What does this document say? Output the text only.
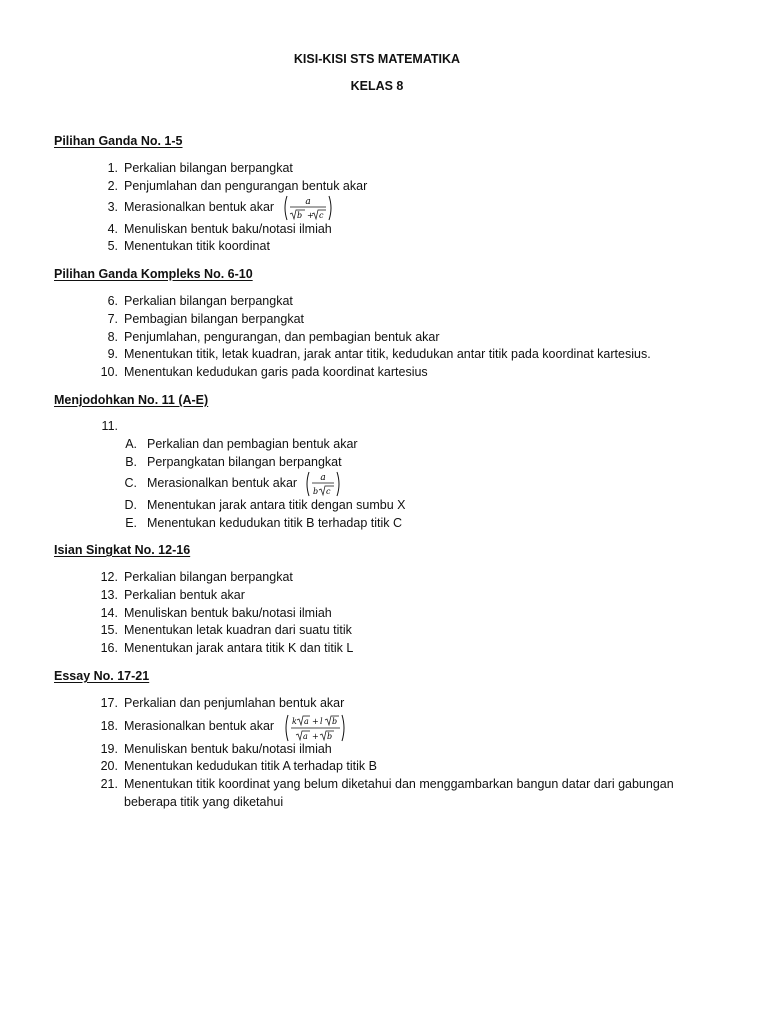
KISI-KISI STS MATEMATIKA
KELAS 8
Pilihan Ganda No. 1-5
1. Perkalian bilangan berpangkat
2. Penjumlahan dan pengurangan bentuk akar
3. Merasionalkan bentuk akar	a
b + c
4. Menuliskan bentuk baku/notasi ilmiah
5. Menentukan titik koordinat
Pilihan Ganda Kompleks No. 6-10
6. Perkalian bilangan berpangkat
7. Pembagian bilangan berpangkat
8. Penjumlahan, pengurangan, dan pembagian bentuk akar
9. Menentukan titik, letak kuadran, jarak antar titik, kedudukan antar titik pada koordinat kartesius.
10. Menentukan kedudukan garis pada koordinat kartesius
Menjodohkan No. 11 (A-E)
11.
A. Perkalian dan pembagian bentuk akar
B. Perpangkatan bilangan berpangkat
C. Merasionalkan bentuk akar	a
b c
D. Menentukan jarak antara titik dengan sumbu X
E. Menentukan kedudukan titik B terhadap titik C
Isian Singkat No. 12-16
12. Perkalian bilangan berpangkat
13. Perkalian bentuk akar
14. Menuliskan bentuk baku/notasi ilmiah
15. Menentukan letak kuadran dari suatu titik
16. Menentukan jarak antara titik K dan titik L
Essay No. 17-21
17. Perkalian dan penjumlahan bentuk akar
18. Merasionalkan bentuk akar k a + l b
a + b
19. Menuliskan bentuk baku/notasi ilmiah
20. Menentukan kedudukan titik A terhadap titik B
21. Menentukan titik koordinat yang belum diketahui dan menggambarkan bangun datar dari gabungan
beberapa titik yang diketahui
